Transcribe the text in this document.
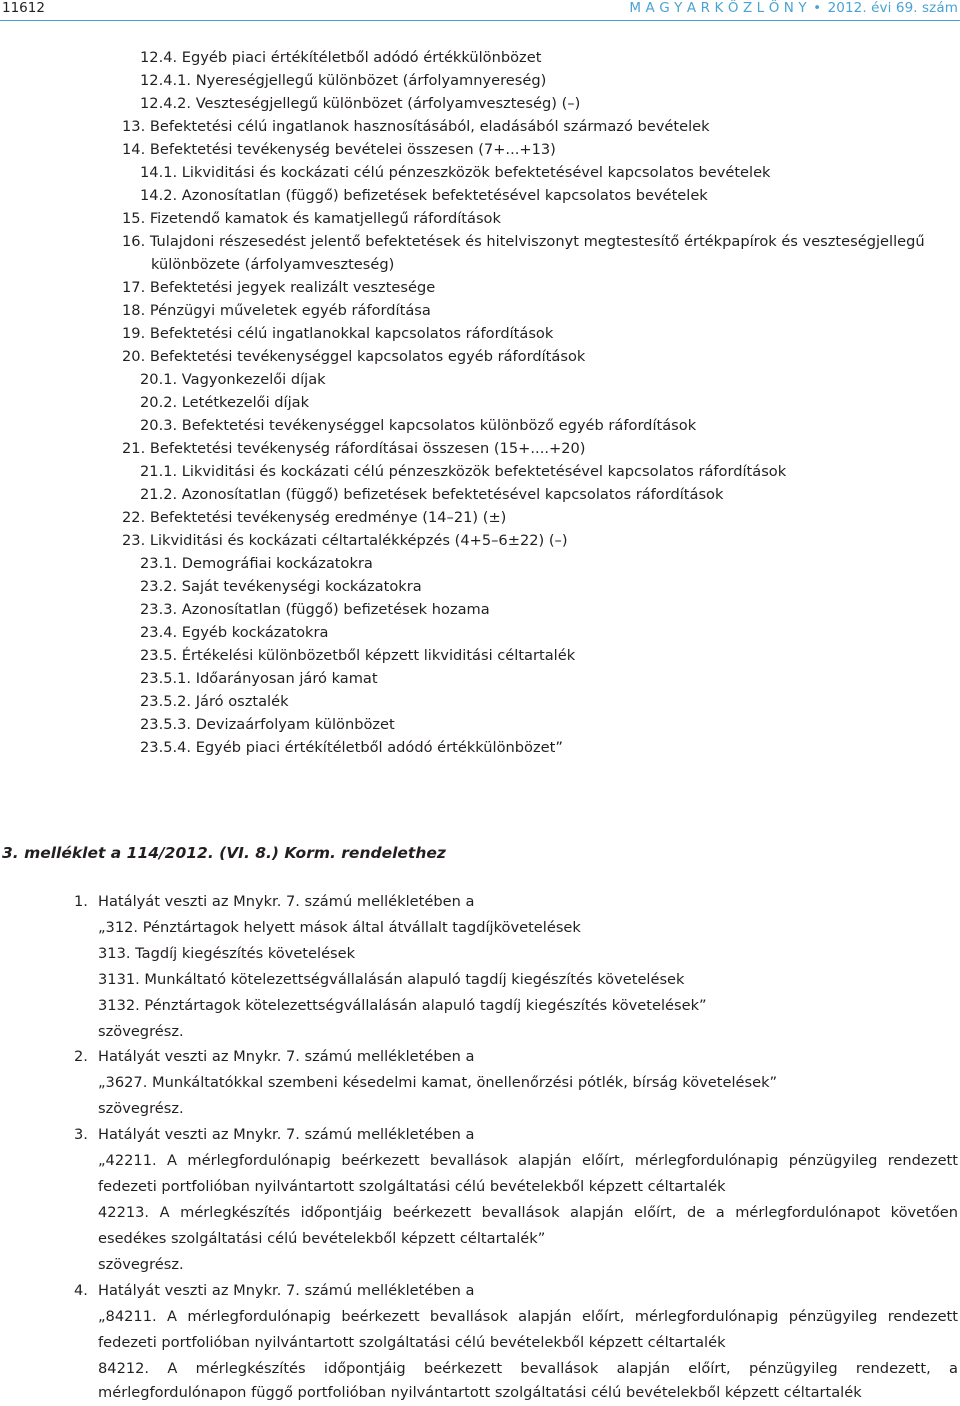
11612	M A G Y A R K Ö Z L Ö N Y • 2012. évi 69. szám
12.4. Egyéb piaci értékítéletből adódó értékkülönbözet
12.4.1. Nyereségjellegű különbözet (árfolyamnyereség)
12.4.2. Veszteségjellegű különbözet (árfolyamveszteség) (–)
13. Befektetési célú ingatlanok hasznosításából, eladásából származó bevételek
14. Befektetési tevékenység bevételei összesen (7+...+13)
14.1. Likviditási és kockázati célú pénzeszközök befektetésével kapcsolatos bevételek
14.2. Azonosítatlan (függő) befizetések befektetésével kapcsolatos bevételek
15. Fizetendő kamatok és kamatjellegű ráfordítások
16. Tulajdoni részesedést jelentő befektetések és hitelviszonyt megtestesítő értékpapírok és veszteségjellegű
különbözete (árfolyamveszteség)
17. Befektetési jegyek realizált vesztesége
18. Pénzügyi műveletek egyéb ráfordítása
19. Befektetési célú ingatlanokkal kapcsolatos ráfordítások
20. Befektetési tevékenységgel kapcsolatos egyéb ráfordítások
20.1. Vagyonkezelői díjak
20.2. Letétkezelői díjak
20.3. Befektetési tevékenységgel kapcsolatos különböző egyéb ráfordítások
21. Befektetési tevékenység ráfordításai összesen (15+....+20)
21.1. Likviditási és kockázati célú pénzeszközök befektetésével kapcsolatos ráfordítások
21.2. Azonosítatlan (függő) befizetések befektetésével kapcsolatos ráfordítások
22. Befektetési tevékenység eredménye (14–21) (±)
23. Likviditási és kockázati céltartalékképzés (4+5–6±22) (–)
23.1. Demográfiai kockázatokra
23.2. Saját tevékenységi kockázatokra
23.3. Azonosítatlan (függő) befizetések hozama
23.4. Egyéb kockázatokra
23.5. Értékelési különbözetből képzett likviditási céltartalék
23.5.1. Időarányosan járó kamat
23.5.2. Járó osztalék
23.5.3. Devizaárfolyam különbözet
23.5.4. Egyéb piaci értékítéletből adódó értékkülönbözet”
3. melléklet a 114/2012. (VI. 8.) Korm. rendelethez
1. Hatályát veszti az Mnykr. 7. számú mellékletében a
„312. Pénztártagok helyett mások által átvállalt tagdíjkövetelések
313. Tagdíj kiegészítés követelések
3131. Munkáltató kötelezettségvállalásán alapuló tagdíj kiegészítés követelések
3132. Pénztártagok kötelezettségvállalásán alapuló tagdíj kiegészítés követelések”
szövegrész.
2. Hatályát veszti az Mnykr. 7. számú mellékletében a
„3627. Munkáltatókkal szembeni késedelmi kamat, önellenőrzési pótlék, bírság követelések”
szövegrész.
3. Hatályát veszti az Mnykr. 7. számú mellékletében a
„42211. A mérlegfordulónapig beérkezett bevallások alapján előírt, mérlegfordulónapig pénzügyileg rendezett
fedezeti portfolióban nyilvántartott szolgáltatási célú bevételekből képzett céltartalék
42213. A mérlegkészítés időpontjáig beérkezett bevallások alapján előírt, de a mérlegfordulónapot követően
esedékes szolgáltatási célú bevételekből képzett céltartalék”
szövegrész.
4. Hatályát veszti az Mnykr. 7. számú mellékletében a
„84211. A mérlegfordulónapig beérkezett bevallások alapján előírt, mérlegfordulónapig pénzügyileg rendezett
fedezeti portfolióban nyilvántartott szolgáltatási célú bevételekből képzett céltartalék
84212. A mérlegkészítés időpontjáig beérkezett bevallások alapján előírt, pénzügyileg rendezett, a
mérlegfordulónapon függő portfolióban nyilvántartott szolgáltatási célú bevételekből képzett céltartalék
